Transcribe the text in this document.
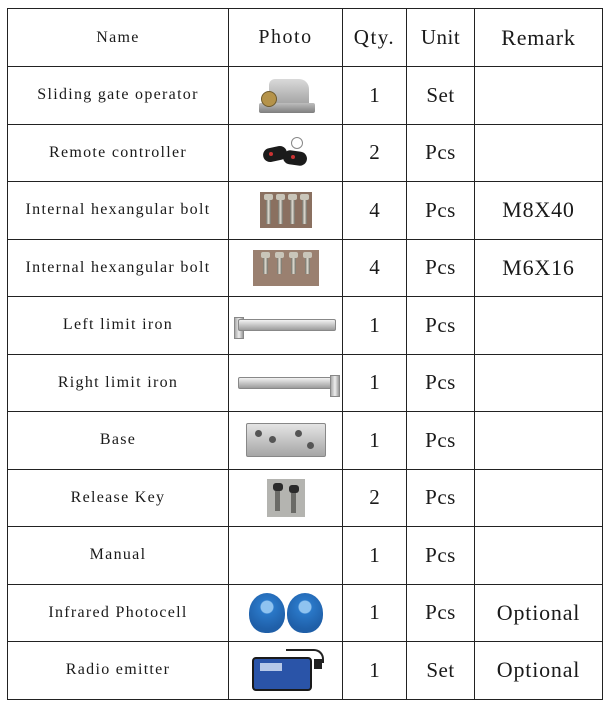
Name	Photo	Qty.	Unit	Remark
Sliding gate operator		1	Set	
Remote controller		2	Pcs	
Internal hexangular bolt		4	Pcs	M8X40
Internal hexangular bolt		4	Pcs	M6X16
Left limit iron		1	Pcs	
Right limit iron		1	Pcs	
Base		1	Pcs	
Release Key		2	Pcs	
Manual		1	Pcs	
Infrared Photocell		1	Pcs	Optional
Radio emitter		1	Set	Optional
